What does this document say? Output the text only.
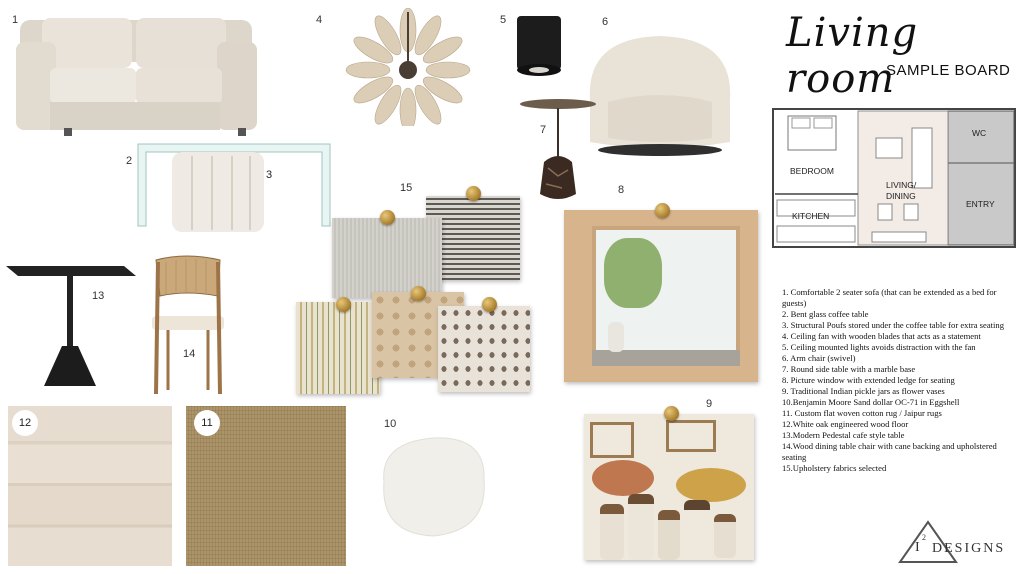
Living room
SAMPLE BOARD
1
2
3
4	5	6
7
BEDROOM
KITCHEN
LIVING/
DINING
WC
ENTRY
8
13
14
15
12	11	10
9
1. Comfortable 2 seater sofa (that can be extended as a bed for guests)
2. Bent glass coffee table
3. Structural Poufs stored under the coffee table for extra seating
4. Ceiling fan with wooden blades that acts as a statement
5. Ceiling mounted lights avoids distraction with the fan
6. Arm chair (swivel)
7. Round side table with a marble base
8. Picture window with extended ledge for seating
9. Traditional Indian pickle jars as flower vases
10.Benjamin Moore Sand dollar OC-71 in Eggshell
11. Custom flat woven cotton rug / Jaipur rugs
12.White oak engineered wood floor
13.Modern Pedestal cafe style table
14.Wood dining table chair with cane backing and upholstered seating
15.Upholstery fabrics selected
I
2
DESIGNS
